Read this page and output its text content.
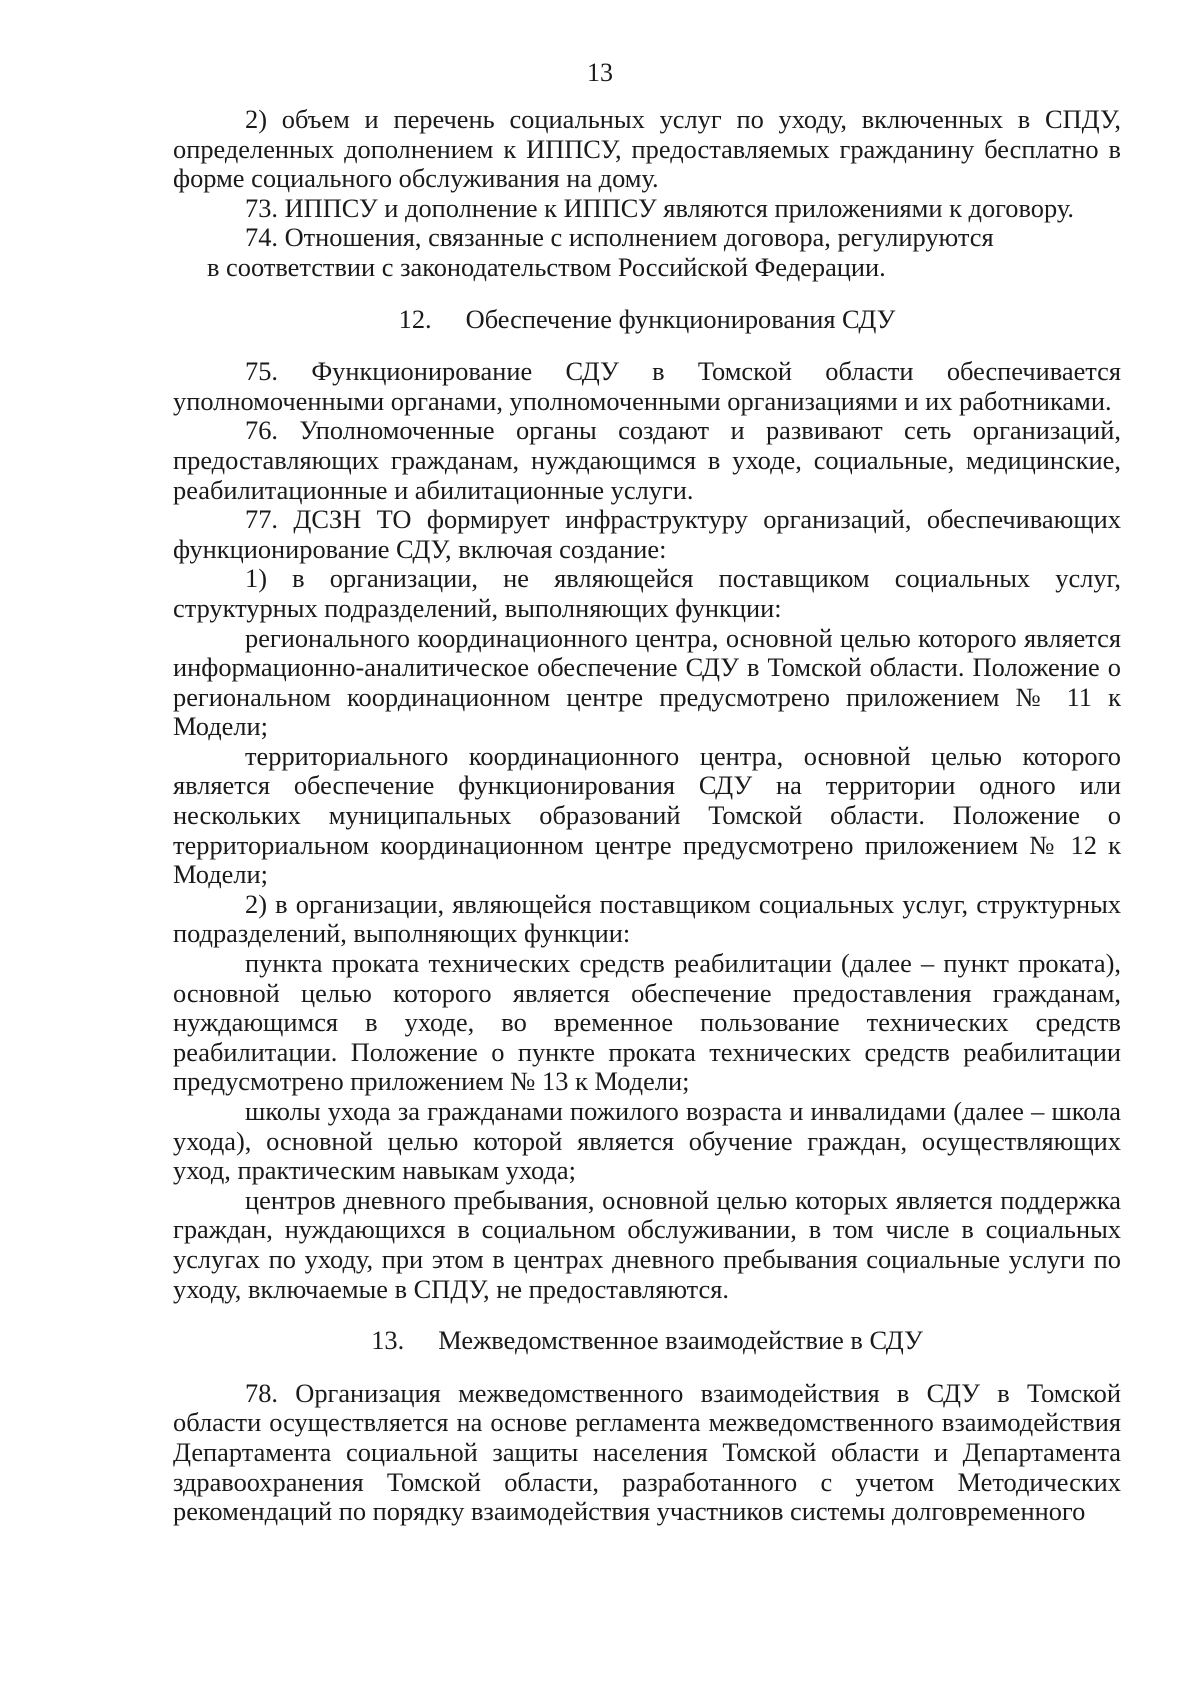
13

2) объем и перечень социальных услуг по уходу, включенных в СПДУ, определенных дополнением к ИППСУ, предоставляемых гражданину бесплатно в форме социального обслуживания на дому.

73. ИППСУ и дополнение к ИППСУ являются приложениями к договору.

74. Отношения, связанные с исполнением договора, регулируются

в соответствии с законодательством Российской Федерации.

12. Обеспечение функционирования СДУ

75. Функционирование СДУ в Томской области обеспечивается уполномоченными органами, уполномоченными организациями и их работниками.

76. Уполномоченные органы создают и развивают сеть организаций, предоставляющих гражданам, нуждающимся в уходе, социальные, медицинские, реабилитационные и абилитационные услуги.

77. ДСЗН ТО формирует инфраструктуру организаций, обеспечивающих функционирование СДУ, включая создание:

1) в организации, не являющейся поставщиком социальных услуг, структурных подразделений, выполняющих функции:

регионального координационного центра, основной целью которого является информационно-аналитическое обеспечение СДУ в Томской области. Положение о региональном координационном центре предусмотрено приложением № 11 к Модели;

территориального координационного центра, основной целью которого является обеспечение функционирования СДУ на территории одного или нескольких муниципальных образований Томской области. Положение о территориальном координационном центре предусмотрено приложением № 12 к Модели;

2) в организации, являющейся поставщиком социальных услуг, структурных подразделений, выполняющих функции:

пункта проката технических средств реабилитации (далее – пункт проката), основной целью которого является обеспечение предоставления гражданам, нуждающимся в уходе, во временное пользование технических средств реабилитации. Положение о пункте проката технических средств реабилитации предусмотрено приложением № 13 к Модели;

школы ухода за гражданами пожилого возраста и инвалидами (далее – школа ухода), основной целью которой является обучение граждан, осуществляющих уход, практическим навыкам ухода;

центров дневного пребывания, основной целью которых является поддержка граждан, нуждающихся в социальном обслуживании, в том числе в социальных услугах по уходу, при этом в центрах дневного пребывания социальные услуги по уходу, включаемые в СПДУ, не предоставляются.

13. Межведомственное взаимодействие в СДУ

78. Организация межведомственного взаимодействия в СДУ в Томской области осуществляется на основе регламента межведомственного взаимодействия Департамента социальной защиты населения Томской области и Департамента здравоохранения Томской области, разработанного с учетом Методических рекомендаций по порядку взаимодействия участников системы долговременного
